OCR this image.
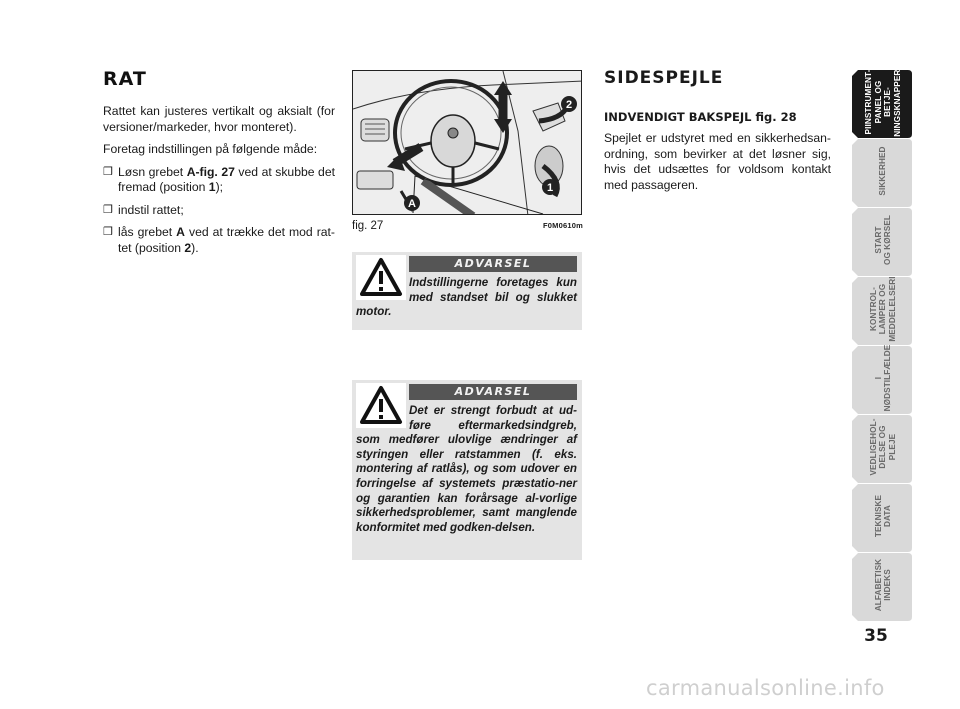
RAT
Rattet kan justeres vertikalt og aksialt (for versioner/markeder, hvor monteret).
Foretag indstillingen på følgende måde:
❒ Løsn grebet A-fig. 27 ved at skubbe det fremad (position 1);
❒ indstil rattet;
❒ lås grebet A ved at trække det mod rat-tet (position 2).
A
1
2
fig. 27	F0M0610m
ADVARSEL
Indstillingerne foretages kun med standset bil og slukket motor.
ADVARSEL
Det er strengt forbudt at ud-føre eftermarkedsindgreb, som medfører ulovlige ændringer af styringen eller ratstammen (f. eks. montering af ratlås), og som udover en forringelse af systemets præstatio-ner og garantien kan forårsage al-vorlige sikkerhedsproblemer, samt manglende konformitet med godken-delsen.
SIDESPEJLE
INDVENDIGT BAKSPEJL fig. 28
Spejlet er udstyret med en sikkerhedsan-ordning, som bevirker at det løsner sig, hvis det udsættes for voldsom kontakt med passageren.
PIINSTRUMENT-
PANEL OG BETJE-
NINGSKNAPPERI
SIKKERHED
START
OG KØRSEL
KONTROL-
LAMPER OG
MEDDELELSERI
I
NØDSTILFÆLDE
VEDLIGEHOL-
DELSE OG
PLEJE
TEKNISKE
DATA
ALFABETISK
INDEKS
35
carmanualsonline.info
